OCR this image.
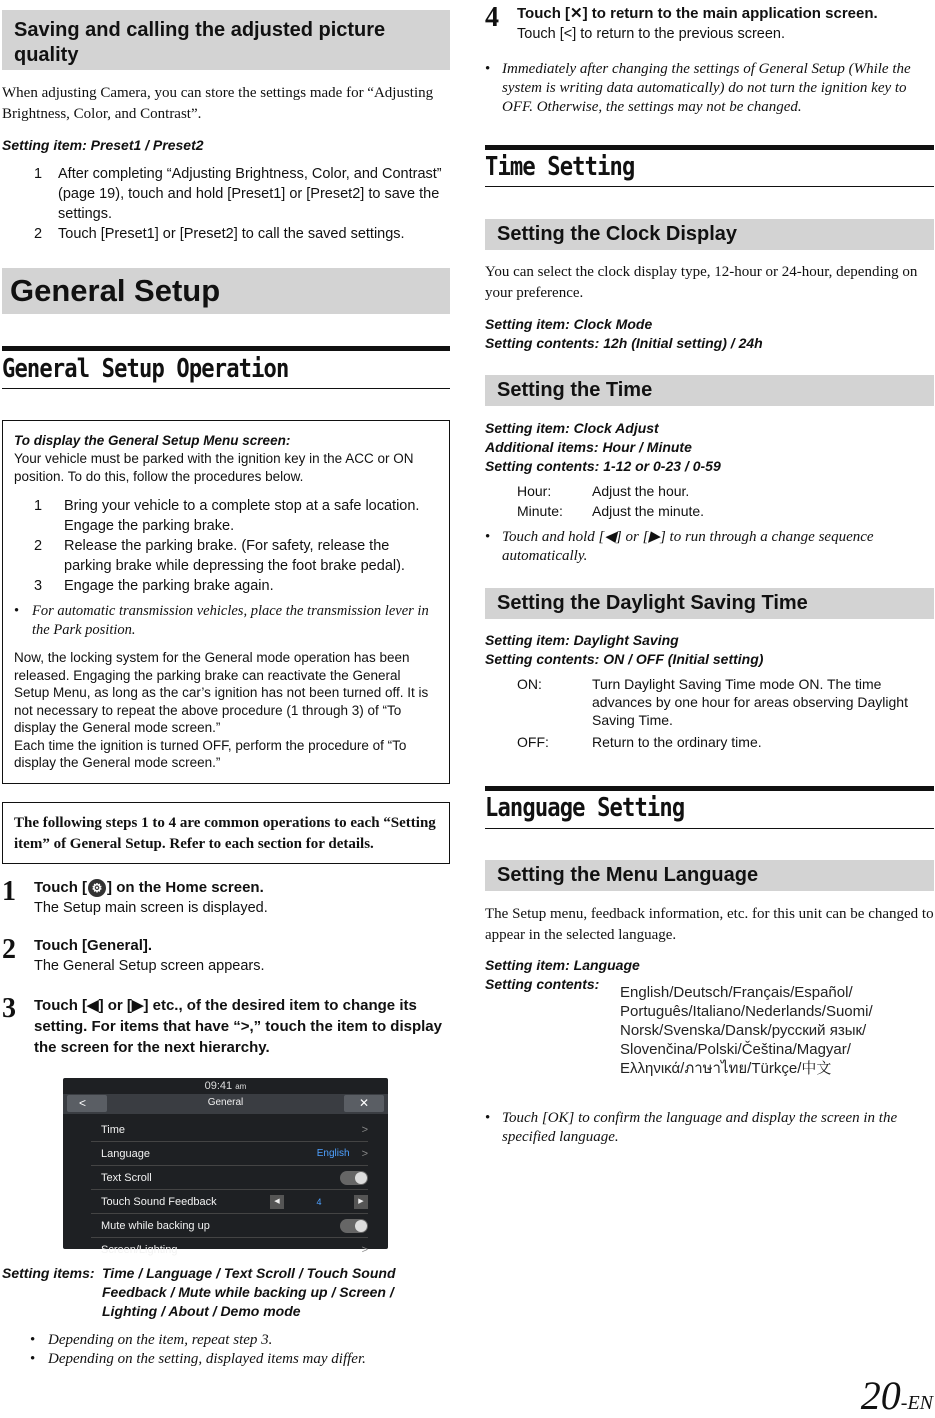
Saving and calling the adjusted picture
quality

When adjusting Camera, you can store the settings made for “Adjusting Brightness, Color, and Contrast”.

Setting item: Preset1 / Preset2

1	After completing “Adjusting Brightness, Color, and Contrast” (page 19), touch and hold [Preset1] or [Preset2] to save the settings.
2	Touch [Preset1] or [Preset2] to call the saved settings.
General Setup
General Setup Operation

To display the General Setup Menu screen:

Your vehicle must be parked with the ignition key in the ACC or ON position. To do this, follow the procedures below.

1	Bring your vehicle to a complete stop at a safe location. Engage the parking brake.
2	Release the parking brake. (For safety, release the parking brake while depressing the foot brake pedal).
3	Engage the parking brake again.
• For automatic transmission vehicles, place the transmission lever in the Park position.

Now, the locking system for the General mode operation has been released. Engaging the parking brake can reactivate the General Setup Menu, as long as the car’s ignition has not been turned off. It is not necessary to repeat the above procedure (1 through 3) of “To display the General mode screen.”

Each time the ignition is turned OFF, perform the procedure of “To display the General mode screen.”

The following steps 1 to 4 are common operations to each “Setting item” of General Setup. Refer to each section for details.

1	Touch [ ⚙ ] on the Home screen.
The Setup main screen is displayed.
2	Touch [General].
The General Setup screen appears.
3	Touch [◀] or [▶] etc., of the desired item to change its setting. For items that have “>,” touch the item to display the screen for the next hierarchy.
09:41 am
<	General	✕
Time	>
Language	English >
Text Scroll
Touch Sound Feedback	◀	4	▶
Mute while backing up
Screen/Lighting	>
Setting items: Time / Language / Text Scroll / Touch Sound
Feedback / Mute while backing up / Screen /
Lighting / About / Demo mode
• Depending on the item, repeat step 3.
• Depending on the setting, displayed items may differ.
4	Touch [✕] to return to the main application screen.
Touch [<] to return to the previous screen.
• Immediately after changing the settings of General Setup (While the system is writing data automatically) do not turn the ignition key to OFF. Otherwise, the settings may not be changed.
Time Setting
Setting the Clock Display

You can select the clock display type, 12-hour or 24-hour, depending on your preference.

Setting item: Clock Mode
Setting contents: 12h (Initial setting) / 24h
Setting the Time
Setting item: Clock Adjust
Additional items: Hour / Minute
Setting contents: 1-12 or 0-23 / 0-59
Hour:	Adjust the hour.
Minute:	Adjust the minute.
• Touch and hold [◀] or [▶] to run through a change sequence automatically.
Setting the Daylight Saving Time
Setting item: Daylight Saving
Setting contents: ON / OFF (Initial setting)
ON:	Turn Daylight Saving Time mode ON. The time advances by one hour for areas observing Daylight Saving Time.
OFF:	Return to the ordinary time.
Language Setting
Setting the Menu Language

The Setup menu, feedback information, etc. for this unit can be changed to appear in the selected language.

Setting item: Language
Setting contents:	English/Deutsch/Français/Español/
Português/Italiano/Nederlands/Suomi/
Norsk/Svenska/Dansk/русский язык/
Slovenčina/Polski/Čeština/Magyar/
Ελληνικά/ภาษาไทย/Türkçe/中文
• Touch [OK] to confirm the language and display the screen in the specified language.
20-EN
